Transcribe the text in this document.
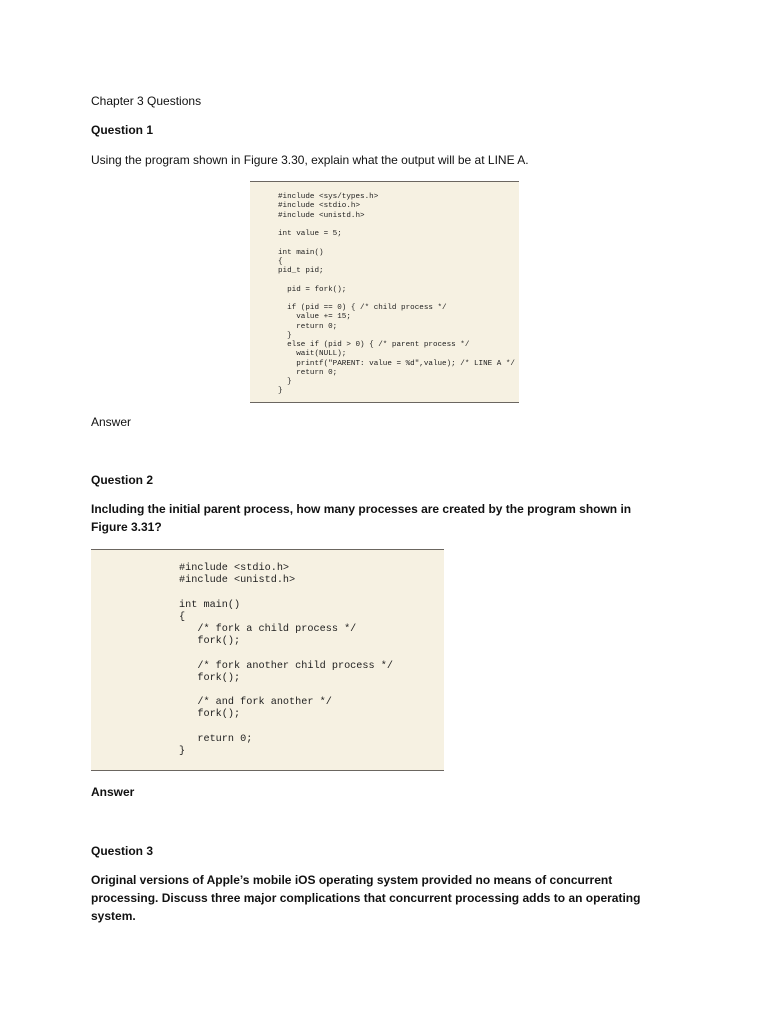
Chapter 3 Questions

Question 1

Using the program shown in Figure 3.30, explain what the output will be at LINE A.

#include <sys/types.h>
#include <stdio.h>
#include <unistd.h>

int value = 5;

int main()
{
pid_t pid;

pid = fork();

if (pid == 0) { /* child process */
value += 15;
return 0;
}
else if (pid > 0) { /* parent process */
wait(NULL);
printf("PARENT: value = %d",value); /* LINE A */
return 0;
}
}

Answer

Question 2

Including the initial parent process, how many processes are created by the program shown in Figure 3.31?

#include <stdio.h>
#include <unistd.h>

int main()
{
/* fork a child process */
fork();

/* fork another child process */
fork();

/* and fork another */
fork();

return 0;
}

Answer

Question 3

Original versions of Apple’s mobile iOS operating system provided no means of concurrent processing. Discuss three major complications that concurrent processing adds to an operating system.
